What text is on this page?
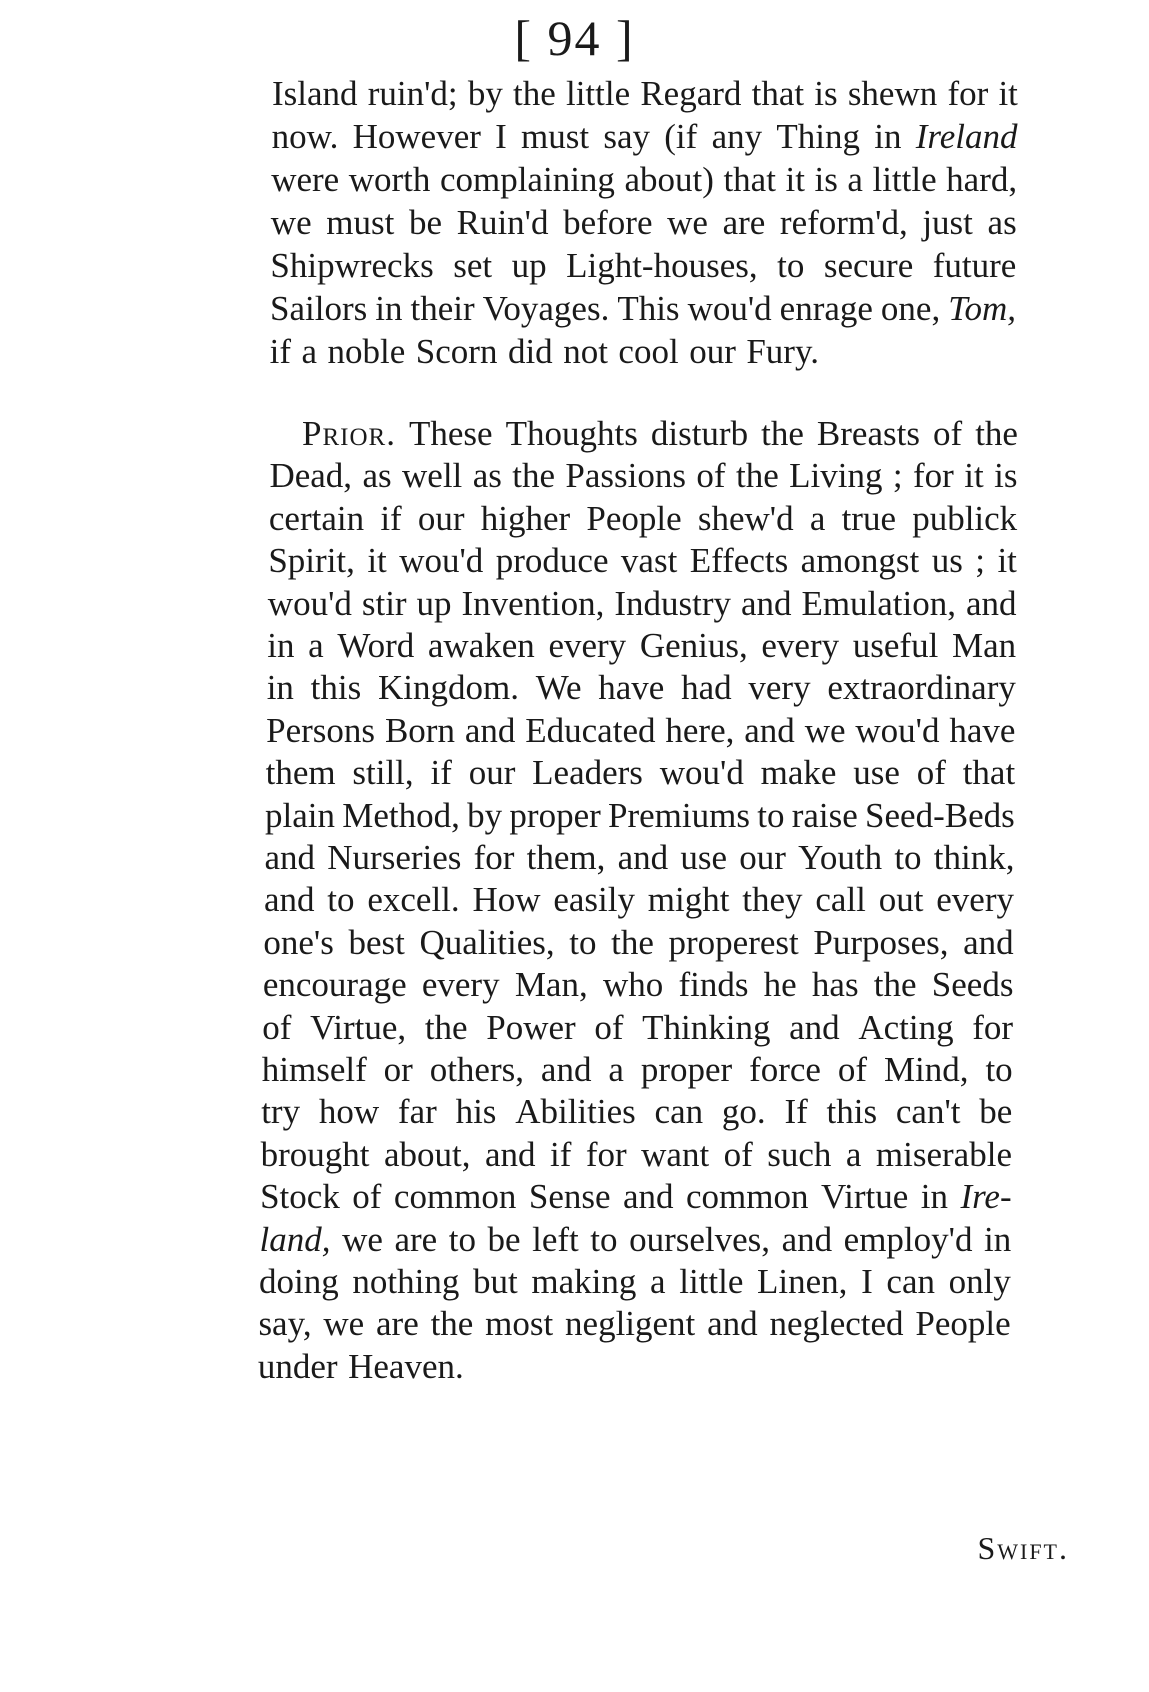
[ 94 ]
Island ruin'd; by the little Regard that is shewn for it
now. However I must say (if any Thing in Ireland
were worth complaining about) that it is a little hard,
we must be Ruin'd before we are reform'd, just as
Shipwrecks set up Light-houses, to secure future
Sailors in their Voyages. This wou'd enrage one, Tom,
if a noble Scorn did not cool our Fury.
Prior. These Thoughts disturb the Breasts of the
Dead, as well as the Passions of the Living ; for it is
certain if our higher People shew'd a true publick
Spirit, it wou'd produce vast Effects amongst us ; it
wou'd stir up Invention, Industry and Emulation, and
in a Word awaken every Genius, every useful Man
in this Kingdom. We have had very extraordinary
Persons Born and Educated here, and we wou'd have
them still, if our Leaders wou'd make use of that
plain Method, by proper Premiums to raise Seed-Beds
and Nurseries for them, and use our Youth to think,
and to excell. How easily might they call out every
one's best Qualities, to the properest Purposes, and
encourage every Man, who finds he has the Seeds
of Virtue, the Power of Thinking and Acting for
himself or others, and a proper force of Mind, to
try how far his Abilities can go. If this can't be
brought about, and if for want of such a miserable
Stock of common Sense and common Virtue in Ire-
land, we are to be left to ourselves, and employ'd in
doing nothing but making a little Linen, I can only
say, we are the most negligent and neglected People
under Heaven.
Swift.
